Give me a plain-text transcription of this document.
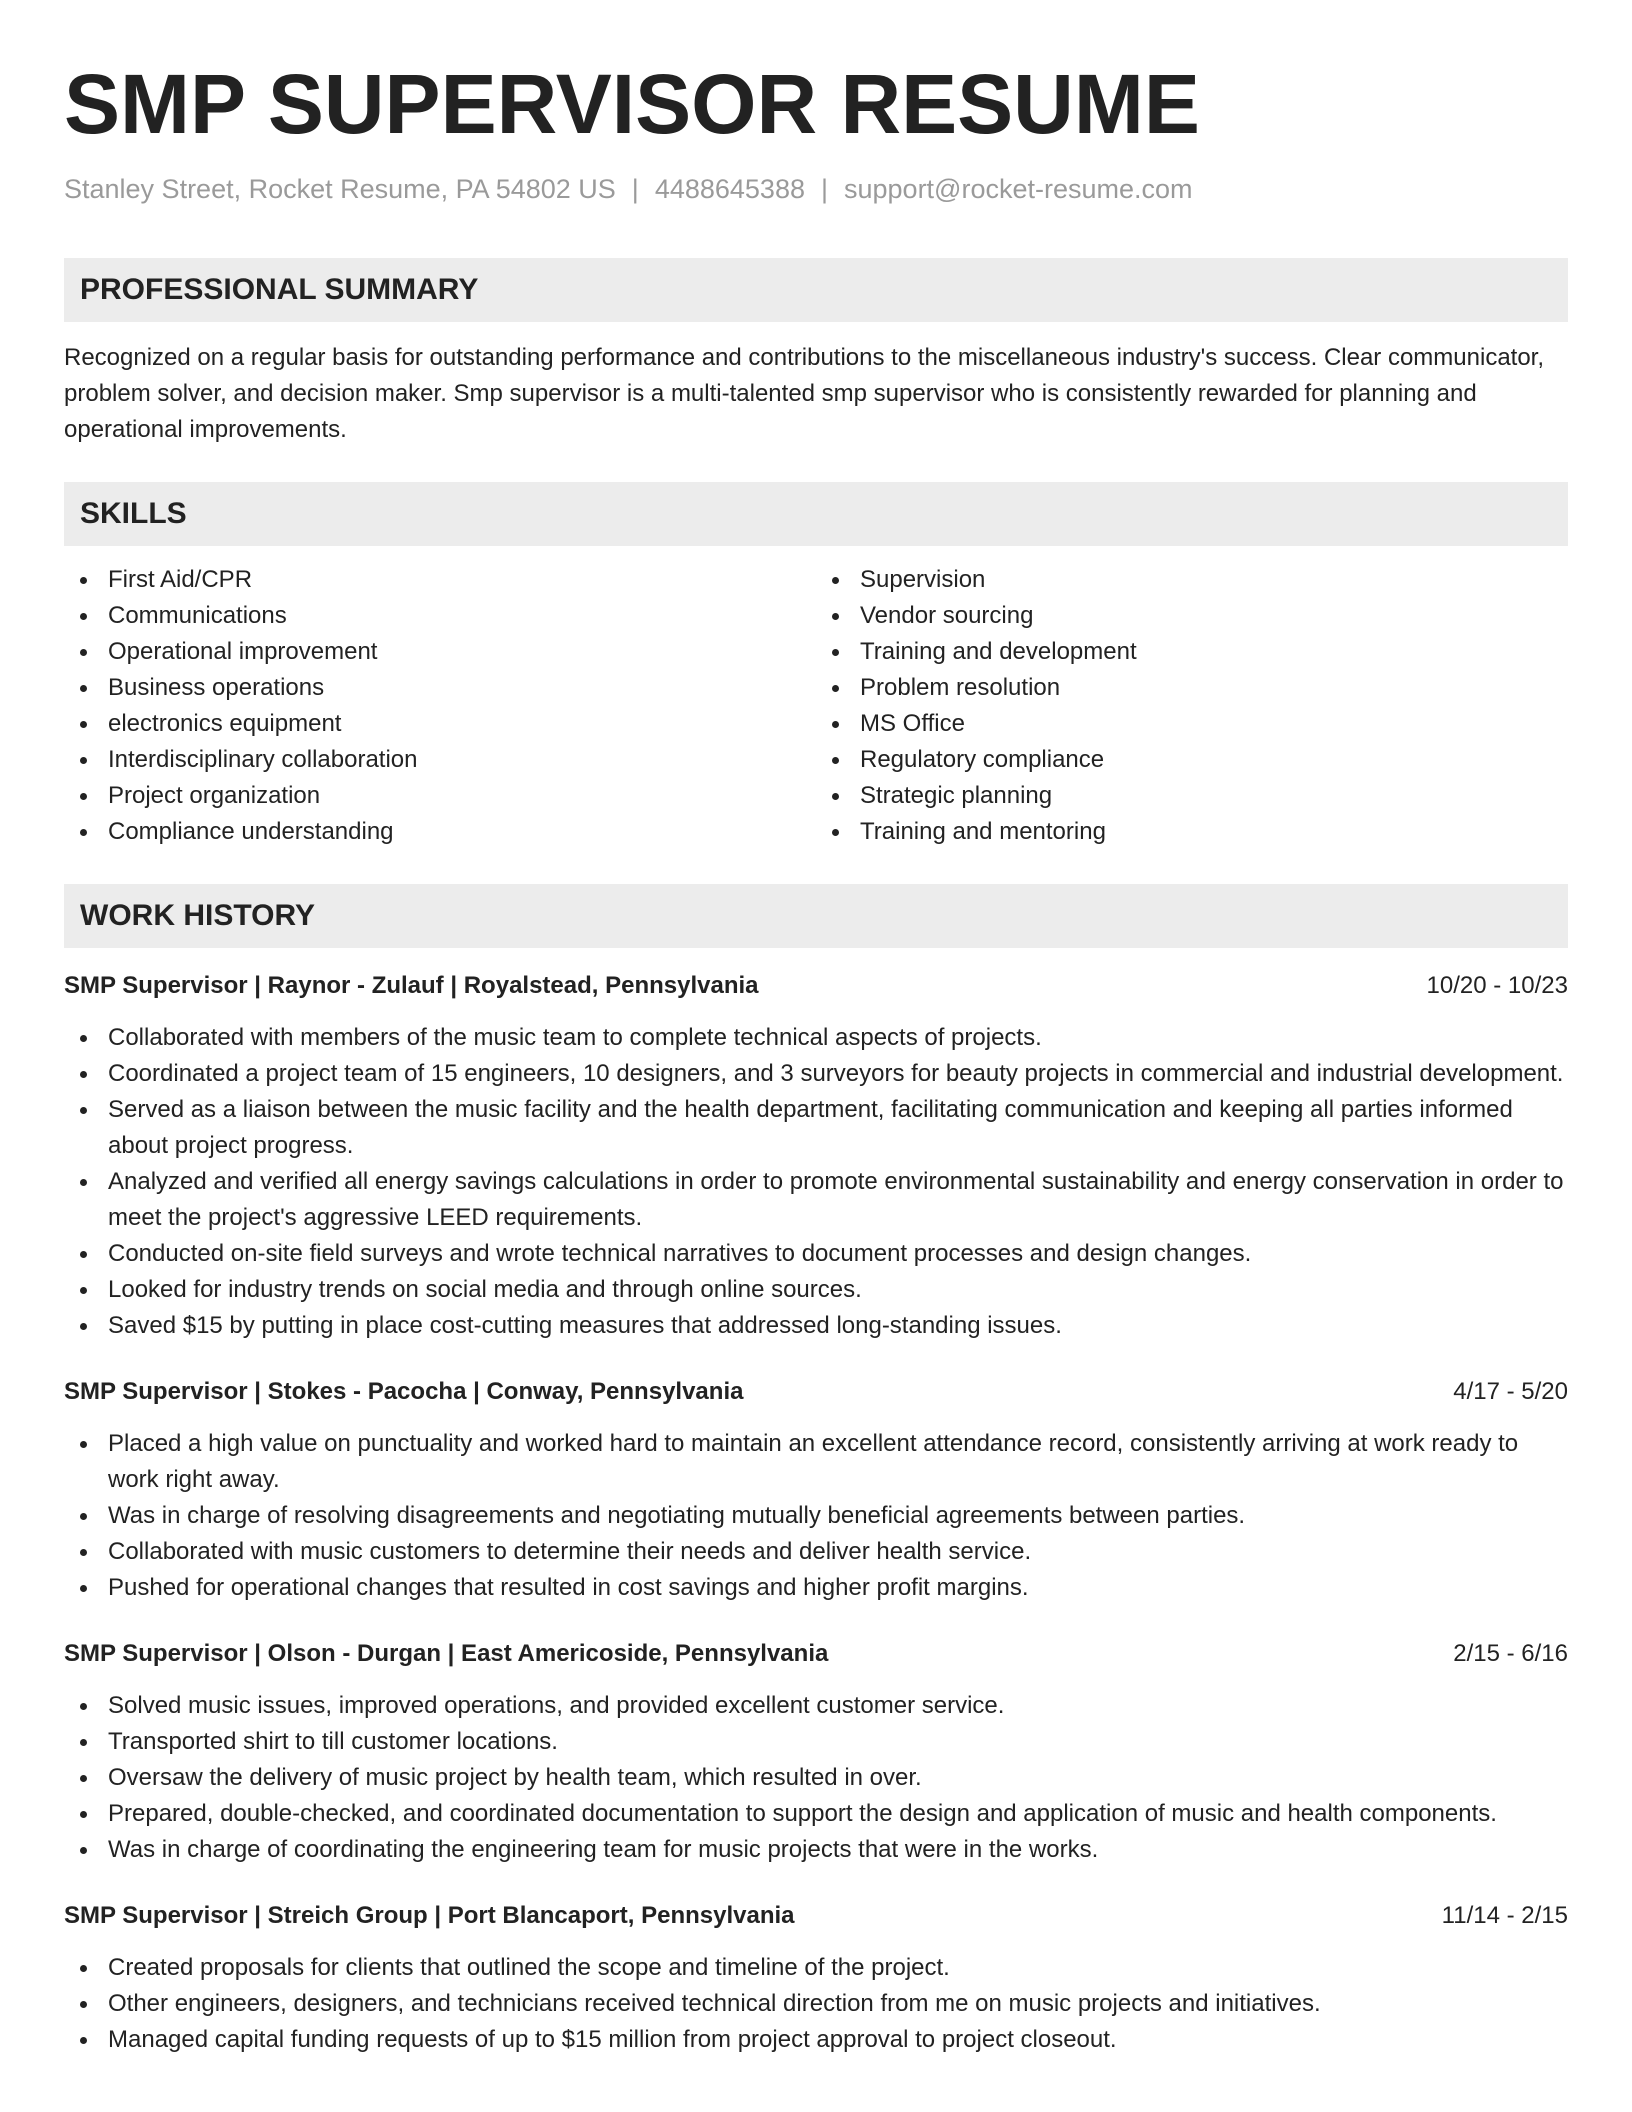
SMP SUPERVISOR RESUME
Stanley Street, Rocket Resume, PA 54802 US | 4488645388 | support@rocket-resume.com
PROFESSIONAL SUMMARY
Recognized on a regular basis for outstanding performance and contributions to the miscellaneous industry's success. Clear communicator, problem solver, and decision maker. Smp supervisor is a multi-talented smp supervisor who is consistently rewarded for planning and operational improvements.
SKILLS
First Aid/CPR
Communications
Operational improvement
Business operations
electronics equipment
Interdisciplinary collaboration
Project organization
Compliance understanding
Supervision
Vendor sourcing
Training and development
Problem resolution
MS Office
Regulatory compliance
Strategic planning
Training and mentoring
WORK HISTORY
SMP Supervisor | Raynor - Zulauf | Royalstead, Pennsylvania	10/20 - 10/23
Collaborated with members of the music team to complete technical aspects of projects.
Coordinated a project team of 15 engineers, 10 designers, and 3 surveyors for beauty projects in commercial and industrial development.
Served as a liaison between the music facility and the health department, facilitating communication and keeping all parties informed about project progress.
Analyzed and verified all energy savings calculations in order to promote environmental sustainability and energy conservation in order to meet the project's aggressive LEED requirements.
Conducted on-site field surveys and wrote technical narratives to document processes and design changes.
Looked for industry trends on social media and through online sources.
Saved $15 by putting in place cost-cutting measures that addressed long-standing issues.
SMP Supervisor | Stokes - Pacocha | Conway, Pennsylvania	4/17 - 5/20
Placed a high value on punctuality and worked hard to maintain an excellent attendance record, consistently arriving at work ready to work right away.
Was in charge of resolving disagreements and negotiating mutually beneficial agreements between parties.
Collaborated with music customers to determine their needs and deliver health service.
Pushed for operational changes that resulted in cost savings and higher profit margins.
SMP Supervisor | Olson - Durgan | East Americoside, Pennsylvania	2/15 - 6/16
Solved music issues, improved operations, and provided excellent customer service.
Transported shirt to till customer locations.
Oversaw the delivery of music project by health team, which resulted in over.
Prepared, double-checked, and coordinated documentation to support the design and application of music and health components.
Was in charge of coordinating the engineering team for music projects that were in the works.
SMP Supervisor | Streich Group | Port Blancaport, Pennsylvania	11/14 - 2/15
Created proposals for clients that outlined the scope and timeline of the project.
Other engineers, designers, and technicians received technical direction from me on music projects and initiatives.
Managed capital funding requests of up to $15 million from project approval to project closeout.
